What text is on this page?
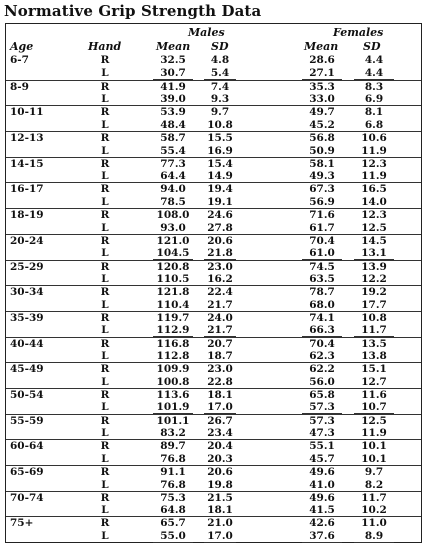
Normative Grip Strength Data
Males	Females
Age	Hand	Mean SD	Mean SD
6-7	R	32.5	4.8	28.6	4.4
L	30.7	5.4	27.1	4.4
8-9	R	41.9	7.4	35.3	8.3
L	39.0	9.3	33.0	6.9
10-11	R	53.9	9.7	49.7	8.1
L	48.4	10.8	45.2	6.8
12-13	R	58.7	15.5	56.8	10.6
L	55.4	16.9	50.9	11.9
14-15	R	77.3	15.4	58.1	12.3
L	64.4	14.9	49.3	11.9
16-17	R	94.0	19.4	67.3	16.5
L	78.5	19.1	56.9	14.0
18-19	R	108.0	24.6	71.6	12.3
L	93.0	27.8	61.7	12.5
20-24	R	121.0	20.6	70.4	14.5
L	104.5	21.8	61.0	13.1
25-29	R	120.8	23.0	74.5	13.9
L	110.5	16.2	63.5	12.2
30-34	R	121.8	22.4	78.7	19.2
L	110.4	21.7	68.0	17.7
35-39	R	119.7	24.0	74.1	10.8
L	112.9	21.7	66.3	11.7
40-44	R	116.8	20.7	70.4	13.5
L	112.8	18.7	62.3	13.8
45-49	R	109.9	23.0	62.2	15.1
L	100.8	22.8	56.0	12.7
50-54	R	113.6	18.1	65.8	11.6
L	101.9	17.0	57.3	10.7
55-59	R	101.1	26.7	57.3	12.5
L	83.2	23.4	47.3	11.9
60-64	R	89.7	20.4	55.1	10.1
L	76.8	20.3	45.7	10.1
65-69	R	91.1	20.6	49.6	9.7
L	76.8	19.8	41.0	8.2
70-74	R	75.3	21.5	49.6	11.7
L	64.8	18.1	41.5	10.2
75+	R	65.7	21.0	42.6	11.0
L	55.0	17.0	37.6	8.9
